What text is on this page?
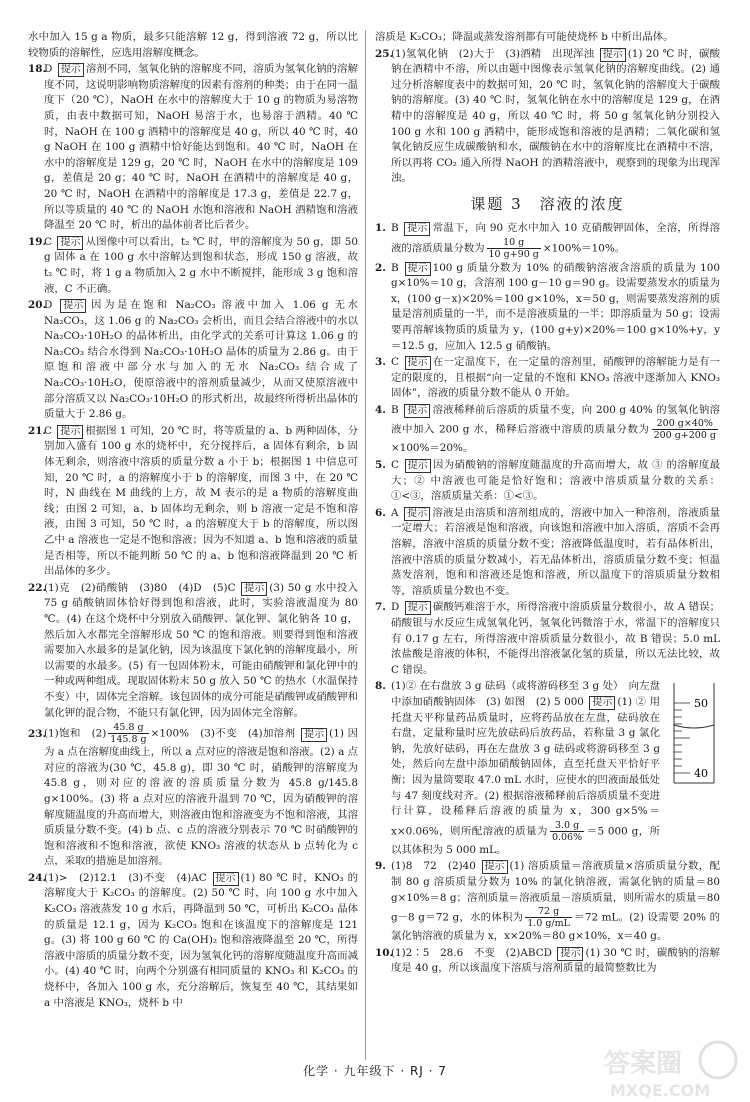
水中加入 15 g a 物质，最多只能溶解 12 g，得到溶液 72 g，所以比较物质的溶解性，应选用溶解度概念。

18.D 提示 溶剂不同，氢氧化钠的溶解度不同，溶质为氢氧化钠的溶解度不同，这说明影响物质溶解度的因素有溶剂的种类；由于在同一温度下（20 ℃），NaOH 在水中的溶解度大于 10 g 的物质为易溶物质，由表中数据可知，NaOH 易溶于水，也易溶于酒精。40 ℃ 时，NaOH 在 100 g 酒精中的溶解度是 40 g，所以 40 ℃ 时，40 g NaOH 在 100 g 酒精中恰好能达到饱和。40 ℃ 时，NaOH 在水中的溶解度是 129 g，20 ℃ 时，NaOH 在水中的溶解度是 109 g，差值是 20 g；40 ℃ 时，NaOH 在酒精中的溶解度是 40 g，20 ℃ 时，NaOH 在酒精中的溶解度是 17.3 g，差值是 22.7 g，所以等质量的 40 ℃ 的 NaOH 水饱和溶液和 NaOH 酒精饱和溶液降温至 20 ℃ 时，析出的晶体前者比后者少。

19.C 提示 从图像中可以看出，t₂ ℃ 时，甲的溶解度为 50 g，即 50 g 固体 a 在 100 g 水中溶解达到饱和状态，形成 150 g 溶液，故 t₂ ℃ 时，将 1 g a 物质加入 2 g 水中不断搅拌，能形成 3 g 饱和溶液，C 不正确。

20.D 提示 因为是在饱和 Na₂CO₃ 溶液中加入 1.06 g 无水 Na₂CO₃，这 1.06 g 的 Na₂CO₃ 会析出，而且会结合溶液中的水以 Na₂CO₃·10H₂O 的晶体析出，由化学式的关系可计算这 1.06 g 的 Na₂CO₃ 结合水得到 Na₂CO₃·10H₂O 晶体的质量为 2.86 g。由于原饱和溶液中部分水与加入的无水 Na₂CO₃ 结合成了 Na₂CO₃·10H₂O，使原溶液中的溶剂质量减少，从而又使原溶液中部分溶质又以 Na₂CO₃·10H₂O 的形式析出，故最终所得析出晶体的质量大于 2.86 g。

21.C 提示 根据图 1 可知，20 ℃ 时，将等质量的 a、b 两种固体，分别加入盛有 100 g 水的烧杯中，充分搅拌后，a 固体有剩余，b 固体无剩余，则溶液中溶质的质量分数 a 小于 b；根据图 1 中信息可知，20 ℃ 时，a 的溶解度小于 b 的溶解度，而图 3 中，在 20 ℃ 时，N 曲线在 M 曲线的上方，故 M 表示的是 a 物质的溶解度曲线；由图 2 可知，a、b 固体均无剩余，则 b 溶液一定是不饱和溶液，由图 3 可知，50 ℃ 时，a 的溶解度大于 b 的溶解度，所以图乙中 a 溶液也一定是不饱和溶液；因为不知道 a、b 饱和溶液的质量是否相等，所以不能判断 50 ℃ 的 a、b 饱和溶液降温到 20 ℃ 析出晶体的多少。

22.(1)克　(2)硝酸钠　(3)80　(4)D　(5)C 提示 (3) 50 g 水中投入 75 g 硝酸钠固体恰好得到饱和溶液，此时，实验溶液温度为 80 ℃。(4) 在这个烧杯中分别放入硝酸钾、氯化钾、氯化钠各 10 g，然后加入水都完全溶解形成 50 ℃ 的饱和溶液。则要得到饱和溶液需要加入水最多的是氯化钠，因为该温度下氯化钠的溶解度最小，所以需要的水最多。(5) 有一包固体粉末，可能由硝酸钾和氯化钾中的一种或两种组成。现取固体粉末 50 g 放入 50 ℃ 的热水（水温保持不变）中，固体完全溶解。该包固体的成分可能是硝酸钾或硝酸钾和氯化钾的混合物，不能只有氯化钾，因为固体完全溶解。

23.(1)饱和　$(2) \frac{45.8 g}{145.8 g} \times 100\%$　(3)不变　(4)加溶剂 提示 (1) 因为 a 点在溶解度曲线上，所以 a 点对应的溶液是饱和溶液。(2) a 点对应的溶液为(30 ℃，45.8 g)，即 30 ℃ 时，硝酸钾的溶解度为 45.8 g，则对应的溶液的溶质质量分数为 45.8 g/145.8 g×100%。(3) 将 a 点对应的溶液升温到 70 ℃，因为硝酸钾的溶解度随温度的升高而增大，则溶液由饱和溶液变为不饱和溶液，其溶质质量分数不变。(4) b 点、c 点的溶液分别表示 70 ℃ 时硝酸钾的饱和溶液和不饱和溶液，欲使 KNO₃ 溶液的状态从 b 点转化为 c 点，采取的措施是加溶剂。

24.(1)>　(2)12.1　(3)不变　(4)AC 提示 (1) 80 ℃ 时，KNO₃ 的溶解度大于 K₂CO₃ 的溶解度。(2) 50 ℃ 时，向 100 g 水中加入 K₂CO₃ 溶液蒸发 10 g 水后，再降温到 50 ℃，可析出 K₂CO₃ 晶体的质量是 12.1 g，因为 K₂CO₃ 饱和在该温度下的溶解度是 121 g。(3) 将 100 g 60 ℃ 的 Ca(OH)₂ 饱和溶液降温至 20 ℃，所得溶液中溶质的质量分数不变，因为氢氧化钙的溶解度随温度升高而减小。(4) 40 ℃ 时，向两个分别盛有相同质量的 KNO₃ 和 K₂CO₃ 的烧杯中，各加入 100 g 水，充分溶解后，恢复至 40 ℃，其结果如 a 中溶液是 KNO₃，烧杯 b 中

溶质是 K₂CO₃；降温或蒸发溶剂都有可能使烧杯 b 中析出晶体。

25.(1)氢氧化钠　(2)大于　(3)酒精　出现浑浊 提示 (1) 20 ℃ 时，碳酸钠在酒精中不溶，所以由题中图像表示氢氧化钠的溶解度曲线。(2) 通过分析溶解度表中的数据可知，20 ℃ 时，氢氧化钠的溶解度大于碳酸钠的溶解度。(3) 40 ℃ 时，氢氧化钠在水中的溶解度是 129 g，在酒精中的溶解度是 40 g，所以 40 ℃ 时，将 50 g 氢氧化钠分别投入 100 g 水和 100 g 酒精中，能形成饱和溶液的是酒精；二氧化碳和氢氧化钠反应生成碳酸钠和水，碳酸钠在水中的溶解度比在酒精中不溶，所以再将 CO₂ 通入所得 NaOH 的酒精溶液中，观察到的现象为出现浑浊。

课题 3　溶液的浓度

1. B 提示 常温下，向 90 克水中加入 10 克硝酸钾固体，全溶，所得溶液的溶质质量分数为 $\frac{10 g}{10 g+90 g} \times 100\%=10\%$。

2. B 提示 100 g 质量分数为 10% 的硝酸钠溶液含溶质的质量为 100 g×10%＝10 g，含溶剂 100 g－10 g＝90 g。设需要蒸发水的质量为 x，(100 g－x)×20%＝100 g×10%，x＝50 g，则需要蒸发溶剂的质量是溶剂质量的一半，而不是溶液质量的一半；即溶质量为 50 g；设需要再溶解该物质的质量为 y，(100 g+y)×20%＝100 g×10%+y，y＝12.5 g，应加入 12.5 g 硝酸钠。

3. C 提示 在一定温度下，在一定量的溶剂里，硝酸钾的溶解能力是有一定的限度的，且根据“向一定量的不饱和 KNO₃ 溶液中逐渐加入 KNO₃ 固体”，溶液的质量分数不能从 0 开始。

4. B 提示 溶液稀释前后溶质的质量不变，向 200 g 40% 的氢氧化钠溶液中加入 200 g 水，稀释后溶液中溶质的质量分数为 $\frac{200 g\times 40\%}{200 g+200 g}$
×100%＝20%。

5. C 提示 因为硝酸钠的溶解度随温度的升高而增大，故 ③ 的溶解度最大；② 中溶液也可能是恰好饱和；溶液中溶质质量分数的关系：①<③，溶质质量关系：①<③。

6. A 提示 溶液是由溶质和溶剂组成的，溶液中加入一种溶剂，溶液质量一定增大；若溶液是饱和溶液，向该饱和溶液中加入溶质，溶质不会再溶解，溶液中溶质的质量分数不变；溶液降低温度时，若有晶体析出，溶液中溶质的质量分数减小，若无晶体析出，溶质质量分数不变；恒温蒸发溶剂，饱和和溶液还是饱和溶液，所以温度下的溶质质量分数相等，溶质质量分数也不变。

7. D 提示 碳酸钙难溶于水，所得溶液中溶质质量分数很小，故 A 错误；硝酸银与水反应生成氢氧化钙，氢氧化钙微溶于水，常温下的溶解度只有 0.17 g 左右，所得溶液中溶质质量分数很小，故 B 错误；5.0 mL 浓盐酸是溶液的体积，不能得出溶液氯化氢的质量，所以无法比较，故 C 错误。

50
40
8. (1)② 在右盘放 3 g 砝码（或将游码移至 3 g 处）　向左盘中添加硝酸钠固体　(3) 如图　(2) 5 000 提示 (1) ② 用托盘天平称量药品质量时，应将药品放在左盘，砝码放在右盘，定量称量时应先放砝码后放药品，若称量 3 g 氯化钠，先放好砝码，再在左盘放 3 g 砝码或将游码移至 3 g 处，然后向左盘中添加硝酸钠固体，直至托盘天平恰好平衡；因为量筒要取 47.0 mL 水时，应使水的凹液面最低处与 47 刻度线对齐。(2) 根据溶液稀释前后溶质质量不变进行计算，设稀释后溶液的质量为 x，300 g×5%＝x×0.06%，则所配溶液的质量为 $\frac{3.0 g}{0.06\%} =5$ 000 g，所以其体积为 5 000 mL。

9. (1)8　72　(2)40 提示 (1) 溶质质量＝溶液质量×溶质质量分数，配制 80 g 溶质质量分数为 10% 的氯化钠溶液，需氯化钠的质量＝80 g×10%＝8 g；溶剂质量＝溶液质量－溶质质量，则所需水的质量＝80 g－8 g＝72 g，水的体积为 $\frac{72 g}{1.0 g/mL} =72$ mL。(2) 设需要 20% 的氯化钠溶液的质量为 x，x×20%＝80 g×10%，x＝40 g。

10.(1)2∶5　28.6　不变　(2)ABCD 提示 (1) 30 ℃ 时，碳酸钠的溶解度是 40 g，所以该温度下溶质与溶剂质量的最简整数比为

化学 · 九年级下 · RJ · 7	答案圈
MXQE.COM
